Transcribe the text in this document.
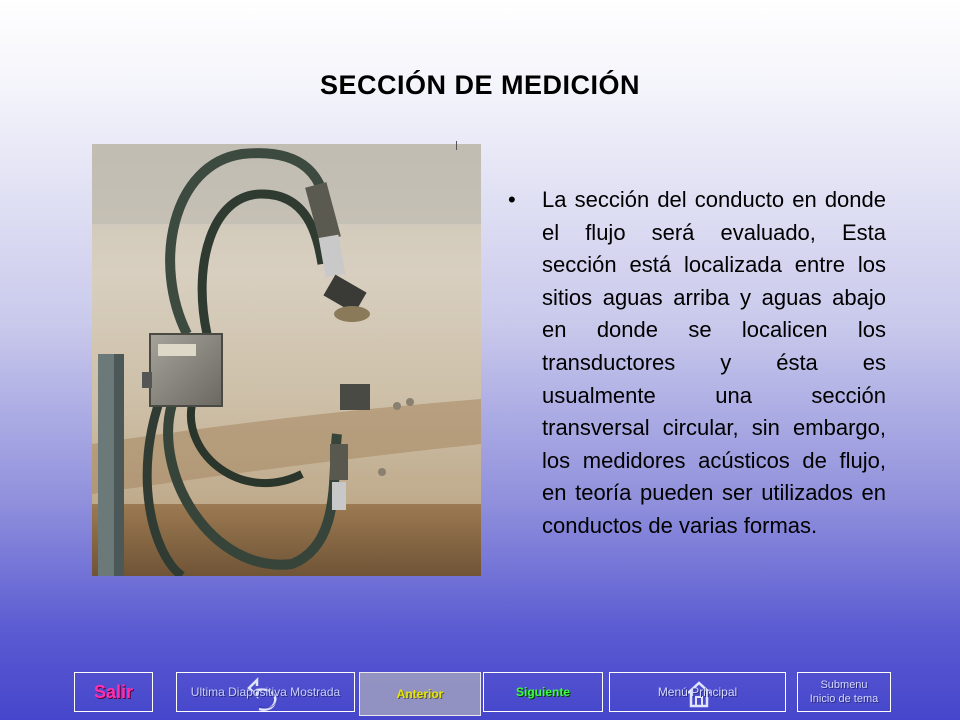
SECCIÓN DE MEDICIÓN
• La sección del conducto en donde el flujo será evaluado, Esta sección está localizada entre los sitios aguas arriba y aguas abajo en donde se localicen los transductores y ésta es usualmente una sección transversal circular, sin embargo, los medidores acústicos de flujo, en teoría pueden ser utilizados en conductos de varias formas.
Salir	Ultima Diapositiva Mostrada	Anterior	Siguiente	Menú Principal	Submenu
Inicio de tema
